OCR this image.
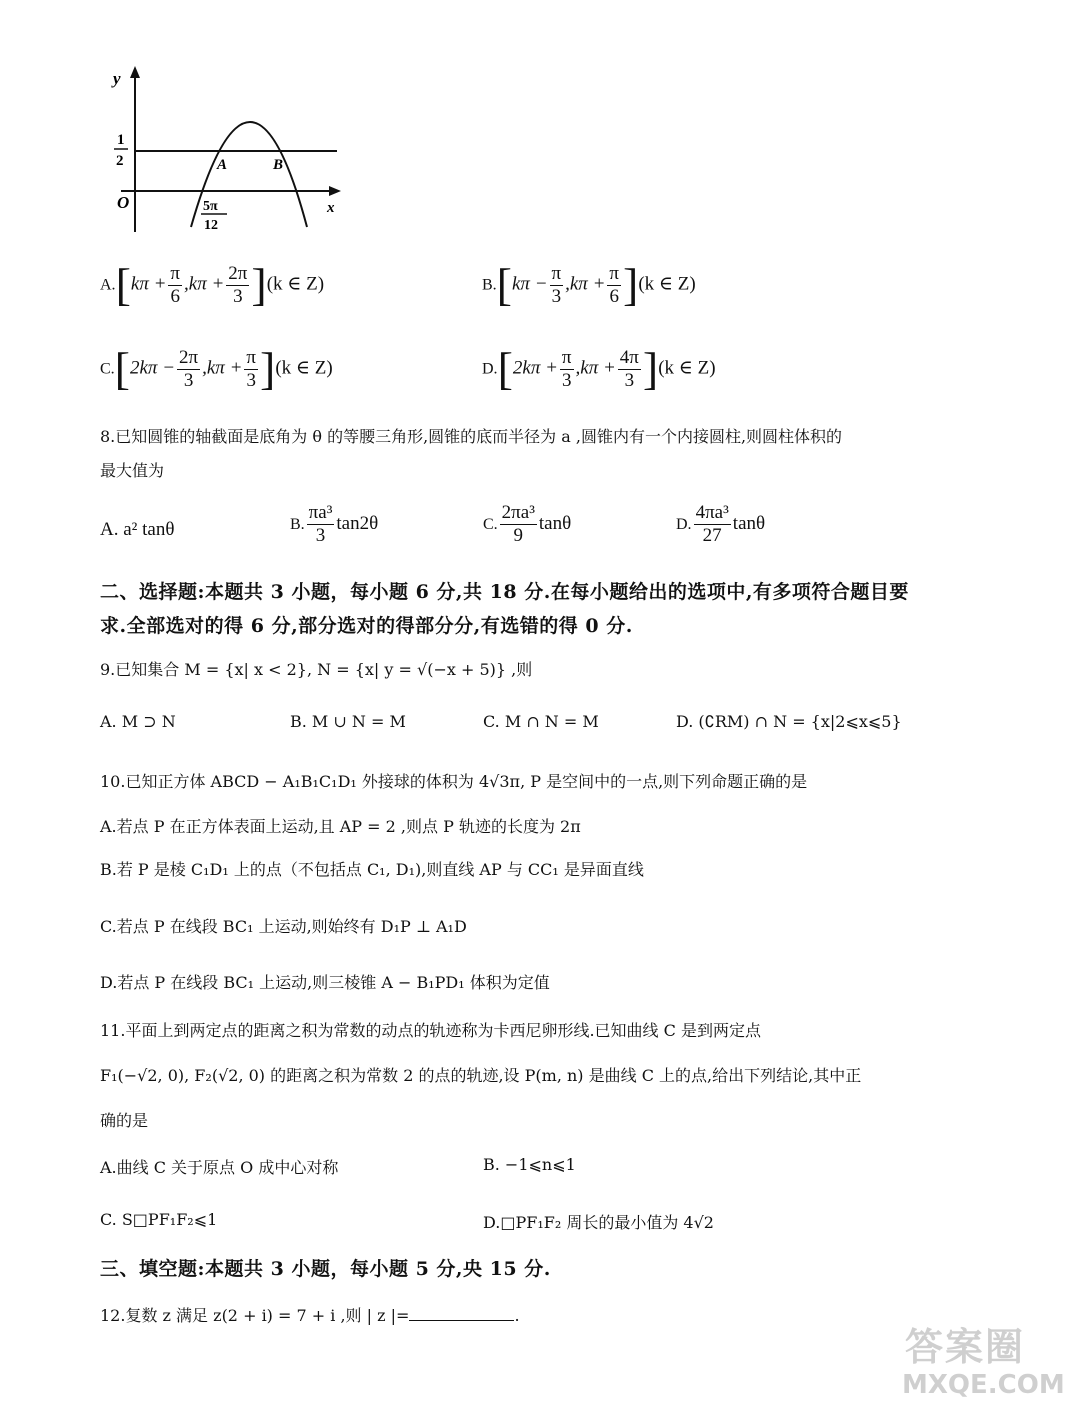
y
x
O
1
2	A	B
5π
12
$A.[k\pi + \frac{\pi}{6} ,k\pi + \frac{2\pi}{3} ](k$ ∈ Z)	$B.[k\pi - \frac{\pi}{3} ,k\pi + \frac{\pi}{6} ](k$ ∈ Z)
$C.[2k\pi - \frac{2\pi}{3} ,k\pi + \frac{\pi}{3} ](k$ ∈ Z)	$D.[2k\pi + \frac{\pi}{3} ,k\pi + \frac{4\pi}{3} ](k$ ∈ Z)
8.已知圆锥的轴截面是底角为 θ 的等腰三角形,圆锥的底而半径为 a ,圆锥内有一个内接圆柱,则圆柱体积的
最大值为
A. a² tanθ	B. $\frac{\text{πa³}}{3} \tan 2\theta$	C. $\frac{\text{2πa³}}{9}$ tanθ	D. $\frac{\text{4πa³}}{27}$ tanθ
二、选择题:本题共 3 小题，每小题 6 分,共 18 分.在每小题给出的选项中,有多项符合题目要
求.全部选对的得 6 分,部分选对的得部分分,有选错的得 0 分.
9.已知集合 M = {x| x < 2}, N = {x| y = √(−x + 5)} ,则
A. M ⊃ N	B. M ∪ N = M	C. M ∩ N = M	D. (∁RM) ∩ N = {x|2⩽x⩽5}
10.已知正方体 ABCD − A₁B₁C₁D₁ 外接球的体积为 4√3π, P 是空间中的一点,则下列命题正确的是
A.若点 P 在正方体表面上运动,且 AP = 2 ,则点 P 轨迹的长度为 2π
B.若 P 是棱 C₁D₁ 上的点（不包括点 C₁, D₁),则直线 AP 与 CC₁ 是异面直线
C.若点 P 在线段 BC₁ 上运动,则始终有 D₁P ⊥ A₁D
D.若点 P 在线段 BC₁ 上运动,则三棱锥 A − B₁PD₁ 体积为定值
11.平面上到两定点的距离之积为常数的动点的轨迹称为卡西尼卵形线.已知曲线 C 是到两定点
F₁(−√2, 0), F₂(√2, 0) 的距离之积为常数 2 的点的轨迹,设 P(m, n) 是曲线 C 上的点,给出下列结论,其中正
确的是
A.曲线 C 关于原点 O 成中心对称	B. −1⩽n⩽1
C. S□PF₁F₂⩽1	D.□PF₁F₂ 周长的最小值为 4√2
三、填空题:本题共 3 小题，每小题 5 分,央 15 分.
12.复数 z 满足 z(2 + i) = 7 + i ,则 | z |=	.
答案圈
MXQE.COM
